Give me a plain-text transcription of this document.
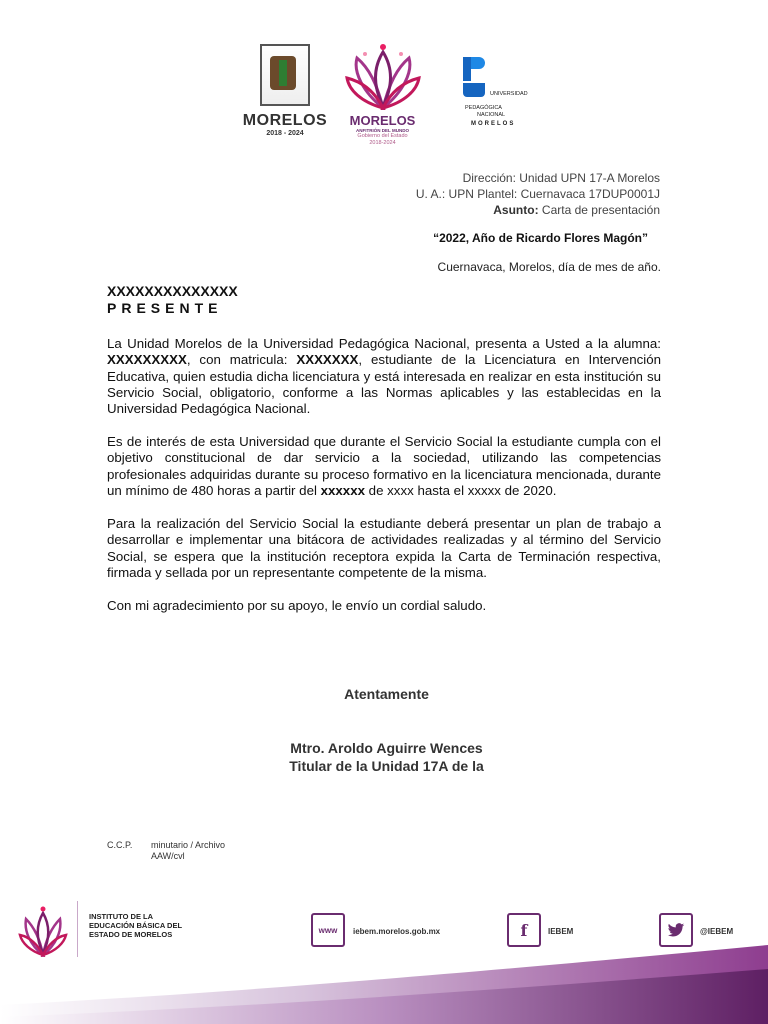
MORELOS
2018 - 2024
MORELOS
ANFITRIÓN DEL MUNDO
Gobierno del Estado
2018-2024
UNIVERSIDAD
PEDAGÓGICA
NACIONAL
MORELOS
Dirección: Unidad UPN 17-A Morelos
U. A.: UPN Plantel: Cuernavaca 17DUP0001J
Asunto: Carta de presentación
“2022, Año de Ricardo Flores Magón”
Cuernavaca, Morelos, día de mes de año.
XXXXXXXXXXXXXX
PRESENTE
La Unidad Morelos de la Universidad Pedagógica Nacional, presenta a Usted a la alumna: XXXXXXXXX, con matricula: XXXXXXX, estudiante de la Licenciatura en Intervención Educativa, quien estudia dicha licenciatura y está interesada en realizar en esta institución su Servicio Social, obligatorio, conforme a las Normas aplicables y las establecidas en la Universidad Pedagógica Nacional.
Es de interés de esta Universidad que durante el Servicio Social la estudiante cumpla con el objetivo constitucional de dar servicio a la sociedad, utilizando las competencias profesionales adquiridas durante su proceso formativo en la licenciatura mencionada, durante un mínimo de 480 horas a partir del xxxxxx de xxxx hasta el xxxxx de 2020.
Para la realización del Servicio Social la estudiante deberá presentar un plan de trabajo a desarrollar e implementar una bitácora de actividades realizadas y al término del Servicio Social, se espera que la institución receptora expida la Carta de Terminación respectiva, firmada y sellada por un representante competente de la misma.
Con mi agradecimiento por su apoyo, le envío un cordial saludo.
Atentamente
Mtro. Aroldo Aguirre Wences
Titular de la Unidad 17A de la
C.C.P. minutario / Archivo
AAW/cvl
INSTITUTO DE LA
EDUCACIÓN BÁSICA DEL
ESTADO DE MORELOS	www iebem.morelos.gob.mx	f	IEBEM	@IEBEM
